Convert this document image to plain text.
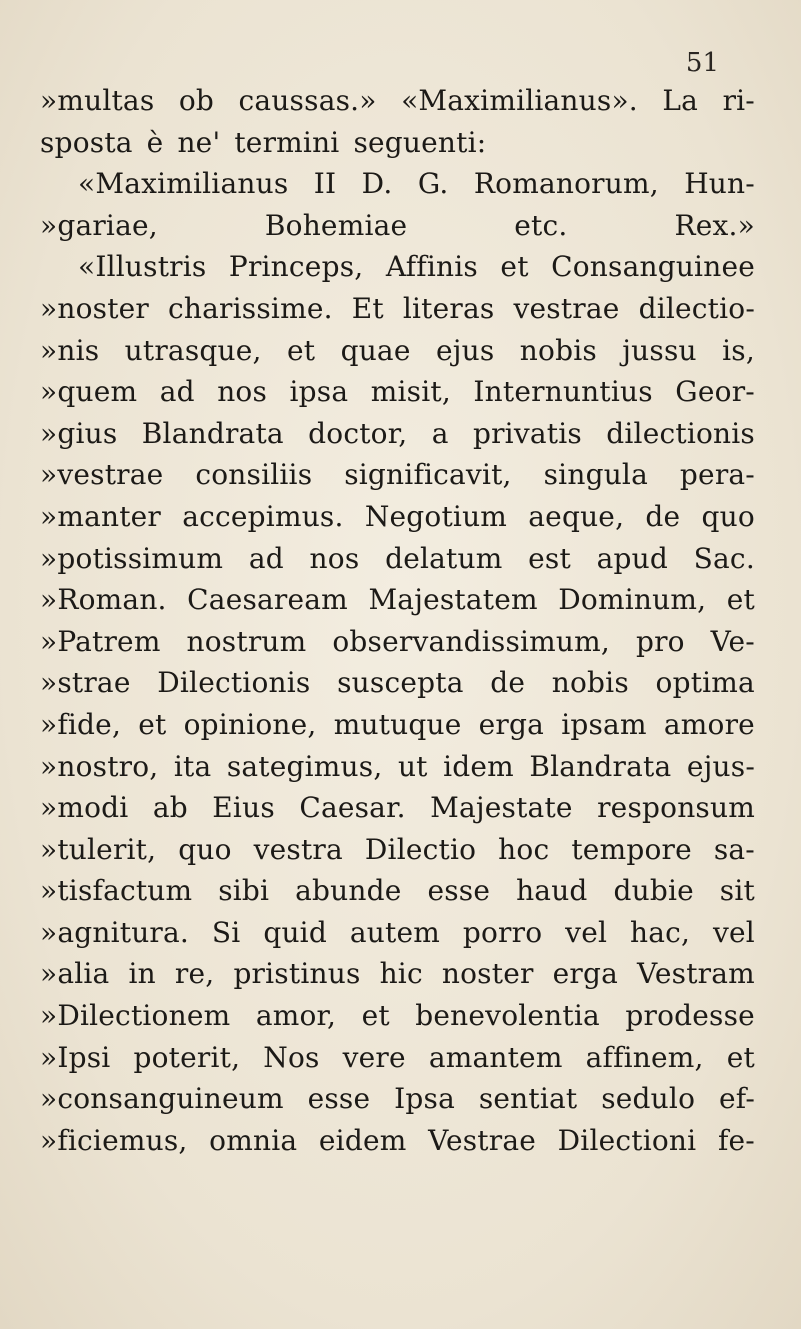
51
»multas ob caussas.» «Maximilianus». La ri-
sposta è ne' termini seguenti:
«Maximilianus II D. G. Romanorum, Hun-
»gariae,	Bohemiae	etc.	Rex.»
«Illustris Princeps, Affinis et Consanguinee
»noster charissime. Et literas vestrae dilectio-
»nis utrasque, et quae ejus nobis jussu is,
»quem ad nos ipsa misit, Internuntius Geor-
»gius Blandrata doctor, a privatis dilectionis
»vestrae consiliis significavit, singula pera-
»manter accepimus. Negotium aeque, de quo
»potissimum ad nos delatum est apud Sac.
»Roman. Caesaream Majestatem Dominum, et
»Patrem nostrum observandissimum, pro Ve-
»strae Dilectionis suscepta de nobis optima
»fide, et opinione, mutuque erga ipsam amore
»nostro, ita sategimus, ut idem Blandrata ejus-
»modi ab Eius Caesar. Majestate responsum
»tulerit, quo vestra Dilectio hoc tempore sa-
»tisfactum sibi abunde esse haud dubie sit
»agnitura. Si quid autem porro vel hac, vel
»alia in re, pristinus hic noster erga Vestram
»Dilectionem amor, et benevolentia prodesse
»Ipsi poterit, Nos vere amantem affinem, et
»consanguineum esse Ipsa sentiat sedulo ef-
»ficiemus, omnia eidem Vestrae Dilectioni fe-
